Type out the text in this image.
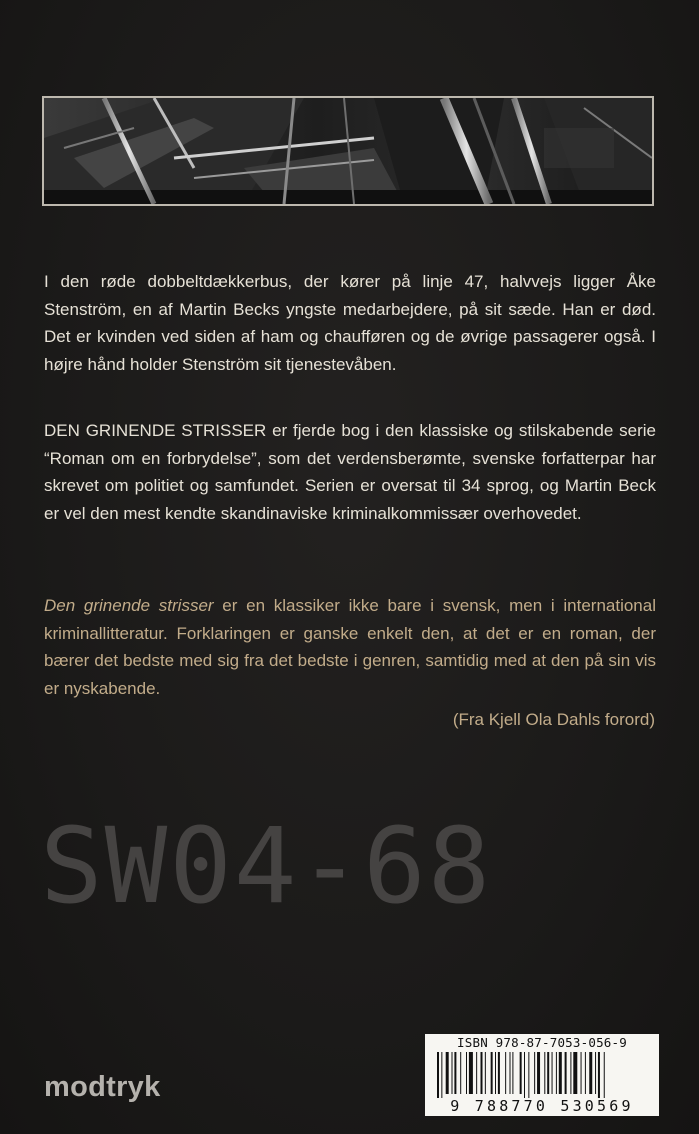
I den røde dobbeltdækkerbus, der kører på linje 47, halvvejs ligger Åke Stenström, en af Martin Becks yngste medarbejdere, på sit sæde. Han er død. Det er kvinden ved siden af ham og chaufføren og de øvrige passagerer også. I højre hånd holder Stenström sit tjenestevåben.

DEN GRINENDE STRISSER er fjerde bog i den klassiske og stilskabende serie “Roman om en forbrydelse”, som det verdensberømte, svenske forfatterpar har skrevet om politiet og samfundet. Serien er oversat til 34 sprog, og Martin Beck er vel den mest kendte skandinaviske kriminalkommissær overhovedet.

Den grinende strisser er en klassiker ikke bare i svensk, men i international kriminallitteratur. Forklaringen er ganske enkelt den, at det er en roman, der bærer det bedste med sig fra det bedste i genren, samtidig med at den på sin vis er nyskabende.

(Fra Kjell Ola Dahls forord)

SW04-68

modtryk
ISBN 978-87-7053-056-9
9 788770 530569
